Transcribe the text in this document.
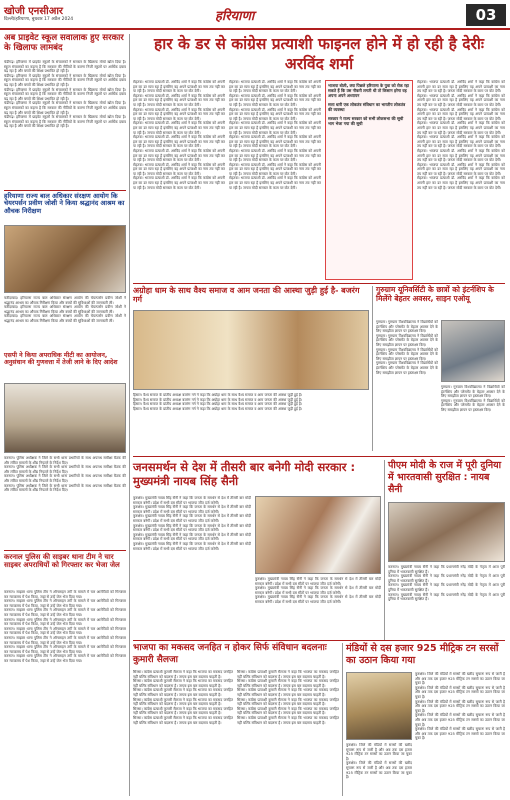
खोजी एनसीआर
दिल्ली/हरियाणा, बुधवार 17 अप्रैल 2024	हरियाणा	03
अब प्राइवेट स्कूल सवालाक हुए सरकार के खिलाफ लामबंद
चंडीगढ़। हरियाणा में प्राइवेट स्कूलों के संचालकों ने सरकार के खिलाफ मोर्चा खोल दिया है। स्कूल संचालकों का कहना है कि सरकार की नीतियों के कारण निजी स्कूलों पर आर्थिक दबाव बढ़ रहा है और बच्चों की शिक्षा प्रभावित हो रही है।
चंडीगढ़। हरियाणा में प्राइवेट स्कूलों के संचालकों ने सरकार के खिलाफ मोर्चा खोल दिया है। स्कूल संचालकों का कहना है कि सरकार की नीतियों के कारण निजी स्कूलों पर आर्थिक दबाव बढ़ रहा है और बच्चों की शिक्षा प्रभावित हो रही है।
चंडीगढ़। हरियाणा में प्राइवेट स्कूलों के संचालकों ने सरकार के खिलाफ मोर्चा खोल दिया है। स्कूल संचालकों का कहना है कि सरकार की नीतियों के कारण निजी स्कूलों पर आर्थिक दबाव बढ़ रहा है और बच्चों की शिक्षा प्रभावित हो रही है।
चंडीगढ़। हरियाणा में प्राइवेट स्कूलों के संचालकों ने सरकार के खिलाफ मोर्चा खोल दिया है। स्कूल संचालकों का कहना है कि सरकार की नीतियों के कारण निजी स्कूलों पर आर्थिक दबाव बढ़ रहा है और बच्चों की शिक्षा प्रभावित हो रही है।
चंडीगढ़। हरियाणा में प्राइवेट स्कूलों के संचालकों ने सरकार के खिलाफ मोर्चा खोल दिया है। स्कूल संचालकों का कहना है कि सरकार की नीतियों के कारण निजी स्कूलों पर आर्थिक दबाव बढ़ रहा है और बच्चों की शिक्षा प्रभावित हो रही है।
हरियाणा राज्य बाल अधिकार संरक्षण आयोग कि चेयरपर्सन प्रवीण जोशी ने किया श्रद्धानंद आश्रम का औचक निरीक्षण
फरीदाबाद। हरियाणा राज्य बाल अधिकार संरक्षण आयोग की चेयरपर्सन प्रवीण जोशी ने श्रद्धानंद आश्रम का औचक निरीक्षण किया और बच्चों की सुविधाओं की जानकारी ली।
फरीदाबाद। हरियाणा राज्य बाल अधिकार संरक्षण आयोग की चेयरपर्सन प्रवीण जोशी ने श्रद्धानंद आश्रम का औचक निरीक्षण किया और बच्चों की सुविधाओं की जानकारी ली।
फरीदाबाद। हरियाणा राज्य बाल अधिकार संरक्षण आयोग की चेयरपर्सन प्रवीण जोशी ने श्रद्धानंद आश्रम का औचक निरीक्षण किया और बच्चों की सुविधाओं की जानकारी ली।
एसपी ने किया अपराधिक मीटी का आयोजन, अनुसंधान की गुणवत्ता में तेजी लाने के दिए आदेश
करनाल। पुलिस अधीक्षक ने जिले के सभी थाना प्रभारियों के साथ अपराध समीक्षा बैठक की और लंबित मामलों के शीघ्र निपटारे के निर्देश दिए।
करनाल। पुलिस अधीक्षक ने जिले के सभी थाना प्रभारियों के साथ अपराध समीक्षा बैठक की और लंबित मामलों के शीघ्र निपटारे के निर्देश दिए।
करनाल। पुलिस अधीक्षक ने जिले के सभी थाना प्रभारियों के साथ अपराध समीक्षा बैठक की और लंबित मामलों के शीघ्र निपटारे के निर्देश दिए।
करनाल। पुलिस अधीक्षक ने जिले के सभी थाना प्रभारियों के साथ अपराध समीक्षा बैठक की और लंबित मामलों के शीघ्र निपटारे के निर्देश दिए।
करनाल पुलिस की साइबर थाना टीम ने चार साइबर अपराधियों को गिरफ्तार कर भेजा जेल
करनाल। साइबर थाना पुलिस टीम ने ऑनलाइन ठगी के मामले में चार आरोपियों को गिरफ्तार कर न्यायालय में पेश किया, जहां से उन्हें जेल भेज दिया गया।
करनाल। साइबर थाना पुलिस टीम ने ऑनलाइन ठगी के मामले में चार आरोपियों को गिरफ्तार कर न्यायालय में पेश किया, जहां से उन्हें जेल भेज दिया गया।
करनाल। साइबर थाना पुलिस टीम ने ऑनलाइन ठगी के मामले में चार आरोपियों को गिरफ्तार कर न्यायालय में पेश किया, जहां से उन्हें जेल भेज दिया गया।
करनाल। साइबर थाना पुलिस टीम ने ऑनलाइन ठगी के मामले में चार आरोपियों को गिरफ्तार कर न्यायालय में पेश किया, जहां से उन्हें जेल भेज दिया गया।
करनाल। साइबर थाना पुलिस टीम ने ऑनलाइन ठगी के मामले में चार आरोपियों को गिरफ्तार कर न्यायालय में पेश किया, जहां से उन्हें जेल भेज दिया गया।
करनाल। साइबर थाना पुलिस टीम ने ऑनलाइन ठगी के मामले में चार आरोपियों को गिरफ्तार कर न्यायालय में पेश किया, जहां से उन्हें जेल भेज दिया गया।
करनाल। साइबर थाना पुलिस टीम ने ऑनलाइन ठगी के मामले में चार आरोपियों को गिरफ्तार कर न्यायालय में पेश किया, जहां से उन्हें जेल भेज दिया गया।
करनाल। साइबर थाना पुलिस टीम ने ऑनलाइन ठगी के मामले में चार आरोपियों को गिरफ्तार कर न्यायालय में पेश किया, जहां से उन्हें जेल भेज दिया गया।
हार के डर से कांग्रेस प्रत्याशी फाइनल होने में हो रही है देरीः अरविंद शर्मा
रोहतक। भाजपा प्रत्याशी डॉ. अरविंद शर्मा ने कहा कि कांग्रेस को अपनी हार का डर सता रहा है इसलिए वह अपने प्रत्याशी का नाम तय नहीं कर पा रही है। जनता मोदी सरकार के काम पर वोट देगी।
रोहतक। भाजपा प्रत्याशी डॉ. अरविंद शर्मा ने कहा कि कांग्रेस को अपनी हार का डर सता रहा है इसलिए वह अपने प्रत्याशी का नाम तय नहीं कर पा रही है। जनता मोदी सरकार के काम पर वोट देगी।
रोहतक। भाजपा प्रत्याशी डॉ. अरविंद शर्मा ने कहा कि कांग्रेस को अपनी हार का डर सता रहा है इसलिए वह अपने प्रत्याशी का नाम तय नहीं कर पा रही है। जनता मोदी सरकार के काम पर वोट देगी।
रोहतक। भाजपा प्रत्याशी डॉ. अरविंद शर्मा ने कहा कि कांग्रेस को अपनी हार का डर सता रहा है इसलिए वह अपने प्रत्याशी का नाम तय नहीं कर पा रही है। जनता मोदी सरकार के काम पर वोट देगी।
रोहतक। भाजपा प्रत्याशी डॉ. अरविंद शर्मा ने कहा कि कांग्रेस को अपनी हार का डर सता रहा है इसलिए वह अपने प्रत्याशी का नाम तय नहीं कर पा रही है। जनता मोदी सरकार के काम पर वोट देगी।
रोहतक। भाजपा प्रत्याशी डॉ. अरविंद शर्मा ने कहा कि कांग्रेस को अपनी हार का डर सता रहा है इसलिए वह अपने प्रत्याशी का नाम तय नहीं कर पा रही है। जनता मोदी सरकार के काम पर वोट देगी।
रोहतक। भाजपा प्रत्याशी डॉ. अरविंद शर्मा ने कहा कि कांग्रेस को अपनी हार का डर सता रहा है इसलिए वह अपने प्रत्याशी का नाम तय नहीं कर पा रही है। जनता मोदी सरकार के काम पर वोट देगी।
रोहतक। भाजपा प्रत्याशी डॉ. अरविंद शर्मा ने कहा कि कांग्रेस को अपनी हार का डर सता रहा है इसलिए वह अपने प्रत्याशी का नाम तय नहीं कर पा रही है। जनता मोदी सरकार के काम पर वोट देगी।
रोहतक। भाजपा प्रत्याशी डॉ. अरविंद शर्मा ने कहा कि कांग्रेस को अपनी हार का डर सता रहा है इसलिए वह अपने प्रत्याशी का नाम तय नहीं कर पा रही है। जनता मोदी सरकार के काम पर वोट देगी।
रोहतक। भाजपा प्रत्याशी डॉ. अरविंद शर्मा ने कहा कि कांग्रेस को अपनी हार का डर सता रहा है इसलिए वह अपने प्रत्याशी का नाम तय नहीं कर पा रही है। जनता मोदी सरकार के काम पर वोट देगी।
रोहतक। भाजपा प्रत्याशी डॉ. अरविंद शर्मा ने कहा कि कांग्रेस को अपनी हार का डर सता रहा है इसलिए वह अपने प्रत्याशी का नाम तय नहीं कर पा रही है। जनता मोदी सरकार के काम पर वोट देगी।
रोहतक। भाजपा प्रत्याशी डॉ. अरविंद शर्मा ने कहा कि कांग्रेस को अपनी हार का डर सता रहा है इसलिए वह अपने प्रत्याशी का नाम तय नहीं कर पा रही है। जनता मोदी सरकार के काम पर वोट देगी।
रोहतक। भाजपा प्रत्याशी डॉ. अरविंद शर्मा ने कहा कि कांग्रेस को अपनी हार का डर सता रहा है इसलिए वह अपने प्रत्याशी का नाम तय नहीं कर पा रही है। जनता मोदी सरकार के काम पर वोट देगी।
रोहतक। भाजपा प्रत्याशी डॉ. अरविंद शर्मा ने कहा कि कांग्रेस को अपनी हार का डर सता रहा है इसलिए वह अपने प्रत्याशी का नाम तय नहीं कर पा रही है। जनता मोदी सरकार के काम पर वोट देगी।
रोहतक। भाजपा प्रत्याशी डॉ. अरविंद शर्मा ने कहा कि कांग्रेस को अपनी हार का डर सता रहा है इसलिए वह अपने प्रत्याशी का नाम तय नहीं कर पा रही है। जनता मोदी सरकार के काम पर वोट देगी।
रोहतक। भाजपा प्रत्याशी डॉ. अरविंद शर्मा ने कहा कि कांग्रेस को अपनी हार का डर सता रहा है इसलिए वह अपने प्रत्याशी का नाम तय नहीं कर पा रही है। जनता मोदी सरकार के काम पर वोट देगी।
भाजपा बोली, क्या पिछले हरियाणा के युवा को रोक रहा सकते हैं कि उस नौकरी लगती थी तो किसान हरेगा वह अपना अपने अध्यापन
सत्ता धारी एक लोकतंत्र संविधान का भारतीय लोकतंत्र की व्यवस्था
सरकार ने राज्य सरकार को सभी लोकसभा की सूची भाग भेजा गया की सूची
रोहतक। भाजपा प्रत्याशी डॉ. अरविंद शर्मा ने कहा कि कांग्रेस को अपनी हार का डर सता रहा है इसलिए वह अपने प्रत्याशी का नाम तय नहीं कर पा रही है। जनता मोदी सरकार के काम पर वोट देगी।
रोहतक। भाजपा प्रत्याशी डॉ. अरविंद शर्मा ने कहा कि कांग्रेस को अपनी हार का डर सता रहा है इसलिए वह अपने प्रत्याशी का नाम तय नहीं कर पा रही है। जनता मोदी सरकार के काम पर वोट देगी।
रोहतक। भाजपा प्रत्याशी डॉ. अरविंद शर्मा ने कहा कि कांग्रेस को अपनी हार का डर सता रहा है इसलिए वह अपने प्रत्याशी का नाम तय नहीं कर पा रही है। जनता मोदी सरकार के काम पर वोट देगी।
रोहतक। भाजपा प्रत्याशी डॉ. अरविंद शर्मा ने कहा कि कांग्रेस को अपनी हार का डर सता रहा है इसलिए वह अपने प्रत्याशी का नाम तय नहीं कर पा रही है। जनता मोदी सरकार के काम पर वोट देगी।
रोहतक। भाजपा प्रत्याशी डॉ. अरविंद शर्मा ने कहा कि कांग्रेस को अपनी हार का डर सता रहा है इसलिए वह अपने प्रत्याशी का नाम तय नहीं कर पा रही है। जनता मोदी सरकार के काम पर वोट देगी।
रोहतक। भाजपा प्रत्याशी डॉ. अरविंद शर्मा ने कहा कि कांग्रेस को अपनी हार का डर सता रहा है इसलिए वह अपने प्रत्याशी का नाम तय नहीं कर पा रही है। जनता मोदी सरकार के काम पर वोट देगी।
रोहतक। भाजपा प्रत्याशी डॉ. अरविंद शर्मा ने कहा कि कांग्रेस को अपनी हार का डर सता रहा है इसलिए वह अपने प्रत्याशी का नाम तय नहीं कर पा रही है। जनता मोदी सरकार के काम पर वोट देगी।
रोहतक। भाजपा प्रत्याशी डॉ. अरविंद शर्मा ने कहा कि कांग्रेस को अपनी हार का डर सता रहा है इसलिए वह अपने प्रत्याशी का नाम तय नहीं कर पा रही है। जनता मोदी सरकार के काम पर वोट देगी।
अग्रोहा धाम के साथ वैश्य समाज व आम जनता की आस्था जुड़ी हुई है- बजरंग गर्ग
हिसार। वैश्य समाज के प्रांतीय अध्यक्ष बजरंग गर्ग ने कहा कि अग्रोहा धाम के साथ वैश्य समाज व आम जनता की आस्था जुड़ी हुई है।
हिसार। वैश्य समाज के प्रांतीय अध्यक्ष बजरंग गर्ग ने कहा कि अग्रोहा धाम के साथ वैश्य समाज व आम जनता की आस्था जुड़ी हुई है।
हिसार। वैश्य समाज के प्रांतीय अध्यक्ष बजरंग गर्ग ने कहा कि अग्रोहा धाम के साथ वैश्य समाज व आम जनता की आस्था जुड़ी हुई है।
हिसार। वैश्य समाज के प्रांतीय अध्यक्ष बजरंग गर्ग ने कहा कि अग्रोहा धाम के साथ वैश्य समाज व आम जनता की आस्था जुड़ी हुई है।
गुरुग्राम यूनिवर्सिटी के छात्रों को इंटर्नशिप के मिलेंगे बेहतर अवसर, साइन एओयू
गुरुग्राम। गुरुग्राम विश्वविद्यालय ने विद्यार्थियों को इंटर्नशिप और प्लेसमेंट के बेहतर अवसर देने के लिए समझौता ज्ञापन पर हस्ताक्षर किए।
गुरुग्राम। गुरुग्राम विश्वविद्यालय ने विद्यार्थियों को इंटर्नशिप और प्लेसमेंट के बेहतर अवसर देने के लिए समझौता ज्ञापन पर हस्ताक्षर किए।
गुरुग्राम। गुरुग्राम विश्वविद्यालय ने विद्यार्थियों को इंटर्नशिप और प्लेसमेंट के बेहतर अवसर देने के लिए समझौता ज्ञापन पर हस्ताक्षर किए।
गुरुग्राम। गुरुग्राम विश्वविद्यालय ने विद्यार्थियों को इंटर्नशिप और प्लेसमेंट के बेहतर अवसर देने के लिए समझौता ज्ञापन पर हस्ताक्षर किए।
गुरुग्राम। गुरुग्राम विश्वविद्यालय ने विद्यार्थियों को इंटर्नशिप और प्लेसमेंट के बेहतर अवसर देने के लिए समझौता ज्ञापन पर हस्ताक्षर किए।
गुरुग्राम। गुरुग्राम विश्वविद्यालय ने विद्यार्थियों को इंटर्नशिप और प्लेसमेंट के बेहतर अवसर देने के लिए समझौता ज्ञापन पर हस्ताक्षर किए।
जनसमर्थन से देश में तीसरी बार बनेगी मोदी सरकार : मुख्यमंत्री नायब सिंह सैनी
कुरुक्षेत्र। मुख्यमंत्री नायब सिंह सैनी ने कहा कि जनता के समर्थन से देश में तीसरी बार मोदी सरकार बनेगी। प्रदेश में सभी दस सीटों पर भाजपा जीत दर्ज करेगी।
कुरुक्षेत्र। मुख्यमंत्री नायब सिंह सैनी ने कहा कि जनता के समर्थन से देश में तीसरी बार मोदी सरकार बनेगी। प्रदेश में सभी दस सीटों पर भाजपा जीत दर्ज करेगी।
कुरुक्षेत्र। मुख्यमंत्री नायब सिंह सैनी ने कहा कि जनता के समर्थन से देश में तीसरी बार मोदी सरकार बनेगी। प्रदेश में सभी दस सीटों पर भाजपा जीत दर्ज करेगी।
कुरुक्षेत्र। मुख्यमंत्री नायब सिंह सैनी ने कहा कि जनता के समर्थन से देश में तीसरी बार मोदी सरकार बनेगी। प्रदेश में सभी दस सीटों पर भाजपा जीत दर्ज करेगी।
कुरुक्षेत्र। मुख्यमंत्री नायब सिंह सैनी ने कहा कि जनता के समर्थन से देश में तीसरी बार मोदी सरकार बनेगी। प्रदेश में सभी दस सीटों पर भाजपा जीत दर्ज करेगी।
कुरुक्षेत्र। मुख्यमंत्री नायब सिंह सैनी ने कहा कि जनता के समर्थन से देश में तीसरी बार मोदी सरकार बनेगी। प्रदेश में सभी दस सीटों पर भाजपा जीत दर्ज करेगी।
कुरुक्षेत्र। मुख्यमंत्री नायब सिंह सैनी ने कहा कि जनता के समर्थन से देश में तीसरी बार मोदी सरकार बनेगी। प्रदेश में सभी दस सीटों पर भाजपा जीत दर्ज करेगी।
कुरुक्षेत्र। मुख्यमंत्री नायब सिंह सैनी ने कहा कि जनता के समर्थन से देश में तीसरी बार मोदी सरकार बनेगी। प्रदेश में सभी दस सीटों पर भाजपा जीत दर्ज करेगी।
कुरुक्षेत्र। मुख्यमंत्री नायब सिंह सैनी ने कहा कि जनता के समर्थन से देश में तीसरी बार मोदी सरकार बनेगी। प्रदेश में सभी दस सीटों पर भाजपा जीत दर्ज करेगी।
पीएम मोदी के राज में पूरी दुनिया में भारतवासी सुरक्षित : नायब सैनी
करनाल। मुख्यमंत्री नायब सैनी ने कहा कि प्रधानमंत्री नरेंद्र मोदी के नेतृत्व में आज पूरी दुनिया में भारतवासी सुरक्षित हैं।
करनाल। मुख्यमंत्री नायब सैनी ने कहा कि प्रधानमंत्री नरेंद्र मोदी के नेतृत्व में आज पूरी दुनिया में भारतवासी सुरक्षित हैं।
करनाल। मुख्यमंत्री नायब सैनी ने कहा कि प्रधानमंत्री नरेंद्र मोदी के नेतृत्व में आज पूरी दुनिया में भारतवासी सुरक्षित हैं।
करनाल। मुख्यमंत्री नायब सैनी ने कहा कि प्रधानमंत्री नरेंद्र मोदी के नेतृत्व में आज पूरी दुनिया में भारतवासी सुरक्षित हैं।
भाजपा का मकसद जनहित न होकर सिर्फ संविधान बदलनाः कुमारी सैलजा
सिरसा। कांग्रेस प्रत्याशी कुमारी सैलजा ने कहा कि भाजपा का मकसद जनहित नहीं बल्कि संविधान को बदलना है। जनता इस बार बदलाव चाहती है।
सिरसा। कांग्रेस प्रत्याशी कुमारी सैलजा ने कहा कि भाजपा का मकसद जनहित नहीं बल्कि संविधान को बदलना है। जनता इस बार बदलाव चाहती है।
सिरसा। कांग्रेस प्रत्याशी कुमारी सैलजा ने कहा कि भाजपा का मकसद जनहित नहीं बल्कि संविधान को बदलना है। जनता इस बार बदलाव चाहती है।
सिरसा। कांग्रेस प्रत्याशी कुमारी सैलजा ने कहा कि भाजपा का मकसद जनहित नहीं बल्कि संविधान को बदलना है। जनता इस बार बदलाव चाहती है।
सिरसा। कांग्रेस प्रत्याशी कुमारी सैलजा ने कहा कि भाजपा का मकसद जनहित नहीं बल्कि संविधान को बदलना है। जनता इस बार बदलाव चाहती है।
सिरसा। कांग्रेस प्रत्याशी कुमारी सैलजा ने कहा कि भाजपा का मकसद जनहित नहीं बल्कि संविधान को बदलना है। जनता इस बार बदलाव चाहती है।
सिरसा। कांग्रेस प्रत्याशी कुमारी सैलजा ने कहा कि भाजपा का मकसद जनहित नहीं बल्कि संविधान को बदलना है। जनता इस बार बदलाव चाहती है।
सिरसा। कांग्रेस प्रत्याशी कुमारी सैलजा ने कहा कि भाजपा का मकसद जनहित नहीं बल्कि संविधान को बदलना है। जनता इस बार बदलाव चाहती है।
सिरसा। कांग्रेस प्रत्याशी कुमारी सैलजा ने कहा कि भाजपा का मकसद जनहित नहीं बल्कि संविधान को बदलना है। जनता इस बार बदलाव चाहती है।
सिरसा। कांग्रेस प्रत्याशी कुमारी सैलजा ने कहा कि भाजपा का मकसद जनहित नहीं बल्कि संविधान को बदलना है। जनता इस बार बदलाव चाहती है।
सिरसा। कांग्रेस प्रत्याशी कुमारी सैलजा ने कहा कि भाजपा का मकसद जनहित नहीं बल्कि संविधान को बदलना है। जनता इस बार बदलाव चाहती है।
सिरसा। कांग्रेस प्रत्याशी कुमारी सैलजा ने कहा कि भाजपा का मकसद जनहित नहीं बल्कि संविधान को बदलना है। जनता इस बार बदलाव चाहती है।
मंडियों से दस हजार 925 मीट्रिक टन सरसों का उठान किया गया
कुरुक्षेत्र। जिले की मंडियों में सरसों की खरीद सुचारू रूप से जारी है और अब तक दस हजार 925 मीट्रिक टन सरसों का उठान किया जा चुका है।
कुरुक्षेत्र। जिले की मंडियों में सरसों की खरीद सुचारू रूप से जारी है और अब तक दस हजार 925 मीट्रिक टन सरसों का उठान किया जा चुका है।
कुरुक्षेत्र। जिले की मंडियों में सरसों की खरीद सुचारू रूप से जारी है और अब तक दस हजार 925 मीट्रिक टन सरसों का उठान किया जा चुका है।
कुरुक्षेत्र। जिले की मंडियों में सरसों की खरीद सुचारू रूप से जारी है और अब तक दस हजार 925 मीट्रिक टन सरसों का उठान किया जा चुका है।
कुरुक्षेत्र। जिले की मंडियों में सरसों की खरीद सुचारू रूप से जारी है और अब तक दस हजार 925 मीट्रिक टन सरसों का उठान किया जा चुका है।
कुरुक्षेत्र। जिले की मंडियों में सरसों की खरीद सुचारू रूप से जारी है और अब तक दस हजार 925 मीट्रिक टन सरसों का उठान किया जा चुका है।
कुरुक्षेत्र। जिले की मंडियों में सरसों की खरीद सुचारू रूप से जारी है और अब तक दस हजार 925 मीट्रिक टन सरसों का उठान किया जा चुका है।
